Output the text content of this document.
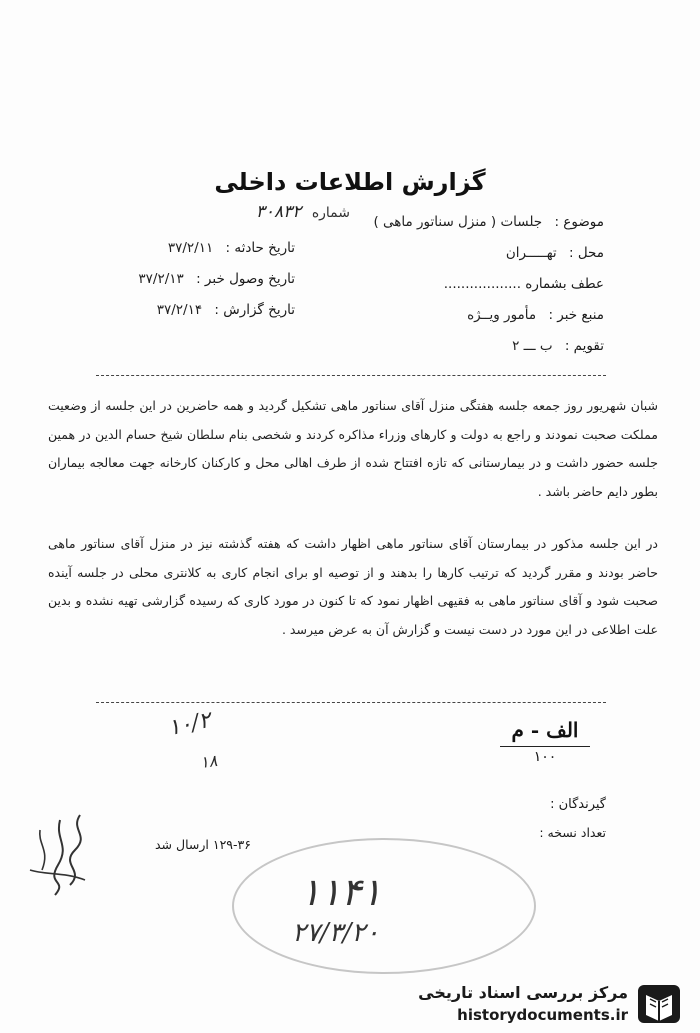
گزارش اطلاعات داخلی
شماره ۳۰۸۳۲	موضوع : جلسات ( منزل سناتور ماهی )
محل : تهـــــران
عطف بشماره ..................
منبع خبر : مأمور ویــژه
تقویم : ب ـــ ۲
تاریخ حادثه : ۳۷/۲/۱۱
تاریخ وصول خبر : ۳۷/۲/۱۳
تاریخ گزارش : ۳۷/۲/۱۴

شبان شهریور روز جمعه جلسه هفتگی منزل آقای سناتور ماهی تشکیل گردید و همه حاضرین در این جلسه از وضعیت مملکت صحبت نمودند و راجع به دولت و کارهای وزراء مذاکره کردند و شخصی بنام سلطان شیخ حسام الدین در همین جلسه حضور داشت و در بیمارستانی که تازه افتتاح شده از طرف اهالی محل و کارکنان کارخانه جهت معالجه بیماران بطور دایم حاضر باشد .

در این جلسه مذکور در بیمارستان آقای سناتور ماهی اظهار داشت که هفته گذشته نیز در منزل آقای سناتور ماهی حاضر بودند و مقرر گردید که ترتیب کارها را بدهند و از توصیه او برای انجام کاری به کلانتری محلی در جلسه آینده صحبت شود و آقای سناتور ماهی به فقیهی اظهار نمود که تا کنون در مورد کاری که رسیده گزارشی تهیه نشده و بدین علت اطلاعی در این مورد در دست نیست و گزارش آن به عرض میرسد .

الف - م
۱۰۰
۱۰/۲
۱۸
گیرندگان :
تعداد نسخه :
۱۲۹-۳۶ ارسال شد
۱۱۴۱
۲۷/۳/۲۰
مرکز بررسی اسناد تاریخی
historydocuments.ir
